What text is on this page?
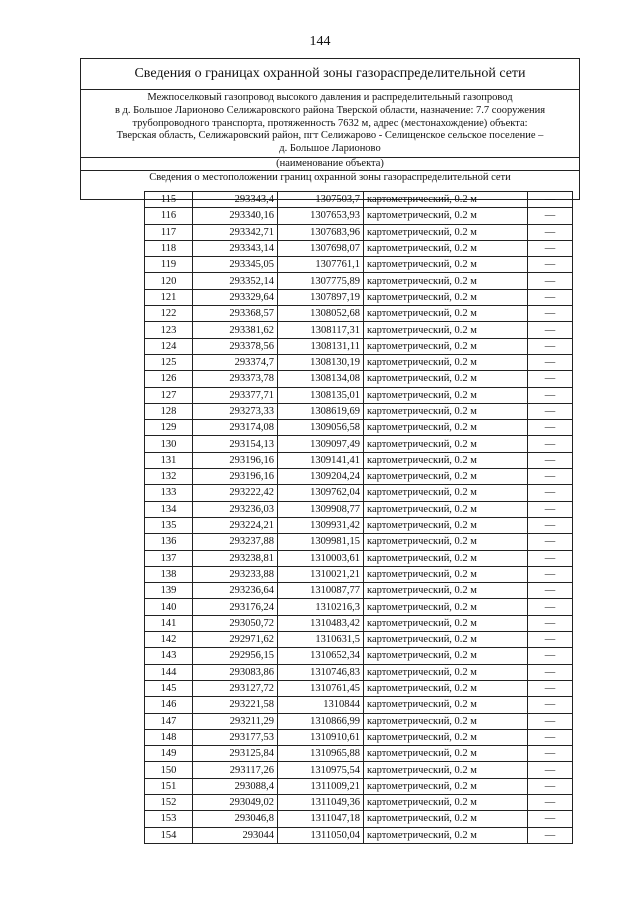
144
Сведения о границах охранной зоны газораспределительной сети
Межпоселковый газопровод высокого давления и распределительный газопровод
в д. Большое Ларионово Селижаровского района Тверской области, назначение: 7.7 сооружения
трубопроводного транспорта, протяженность 7632 м, адрес (местонахождение) объекта:
Тверская область, Селижаровский район, пгт Селижарово - Селищенское сельское поселение –
д. Большое Ларионово
(наименование объекта)
Сведения о местоположении границ охранной зоны газораспределительной сети
115	293343,4	1307503,7	картометрический, 0.2 м	—
116	293340,16	1307653,93	картометрический, 0.2 м	—
117	293342,71	1307683,96	картометрический, 0.2 м	—
118	293343,14	1307698,07	картометрический, 0.2 м	—
119	293345,05	1307761,1	картометрический, 0.2 м	—
120	293352,14	1307775,89	картометрический, 0.2 м	—
121	293329,64	1307897,19	картометрический, 0.2 м	—
122	293368,57	1308052,68	картометрический, 0.2 м	—
123	293381,62	1308117,31	картометрический, 0.2 м	—
124	293378,56	1308131,11	картометрический, 0.2 м	—
125	293374,7	1308130,19	картометрический, 0.2 м	—
126	293373,78	1308134,08	картометрический, 0.2 м	—
127	293377,71	1308135,01	картометрический, 0.2 м	—
128	293273,33	1308619,69	картометрический, 0.2 м	—
129	293174,08	1309056,58	картометрический, 0.2 м	—
130	293154,13	1309097,49	картометрический, 0.2 м	—
131	293196,16	1309141,41	картометрический, 0.2 м	—
132	293196,16	1309204,24	картометрический, 0.2 м	—
133	293222,42	1309762,04	картометрический, 0.2 м	—
134	293236,03	1309908,77	картометрический, 0.2 м	—
135	293224,21	1309931,42	картометрический, 0.2 м	—
136	293237,88	1309981,15	картометрический, 0.2 м	—
137	293238,81	1310003,61	картометрический, 0.2 м	—
138	293233,88	1310021,21	картометрический, 0.2 м	—
139	293236,64	1310087,77	картометрический, 0.2 м	—
140	293176,24	1310216,3	картометрический, 0.2 м	—
141	293050,72	1310483,42	картометрический, 0.2 м	—
142	292971,62	1310631,5	картометрический, 0.2 м	—
143	292956,15	1310652,34	картометрический, 0.2 м	—
144	293083,86	1310746,83	картометрический, 0.2 м	—
145	293127,72	1310761,45	картометрический, 0.2 м	—
146	293221,58	1310844	картометрический, 0.2 м	—
147	293211,29	1310866,99	картометрический, 0.2 м	—
148	293177,53	1310910,61	картометрический, 0.2 м	—
149	293125,84	1310965,88	картометрический, 0.2 м	—
150	293117,26	1310975,54	картометрический, 0.2 м	—
151	293088,4	1311009,21	картометрический, 0.2 м	—
152	293049,02	1311049,36	картометрический, 0.2 м	—
153	293046,8	1311047,18	картометрический, 0.2 м	—
154	293044	1311050,04	картометрический, 0.2 м	—
